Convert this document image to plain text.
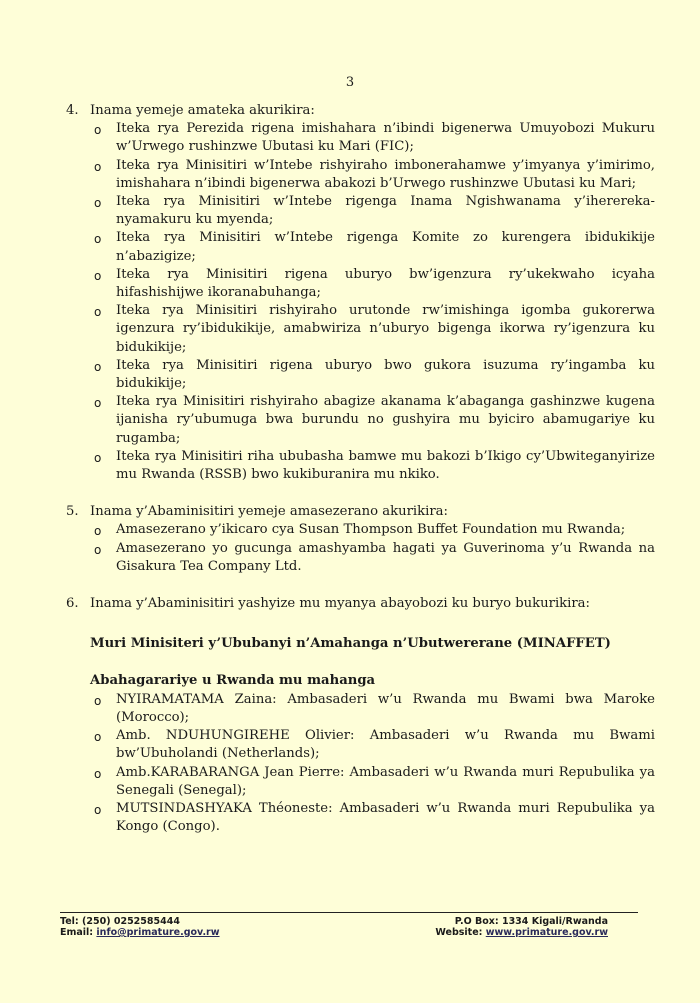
3
4. Inama yemeje amateka akurikira:
o Iteka rya Perezida rigena imishahara n’ibindi bigenerwa Umuyobozi Mukuru w’Urwego rushinzwe Ubutasi ku Mari (FIC);
o Iteka rya Minisitiri w’Intebe rishyiraho imbonerahamwe y’imyanya y’imirimo, imishahara n’ibindi bigenerwa abakozi b’Urwego rushinzwe Ubutasi ku Mari;
o Iteka rya Minisitiri w’Intebe rigenga Inama Ngishwanama y’iherereka-nyamakuru ku myenda;
o Iteka rya Minisitiri w’Intebe rigenga Komite zo kurengera ibidukikije n’abazigize;
o Iteka rya Minisitiri rigena uburyo bw’igenzura ry’ukekwaho icyaha hifashishijwe ikoranabuhanga;
o Iteka rya Minisitiri rishyiraho urutonde rw’imishinga igomba gukorerwa igenzura ry’ibidukikije, amabwiriza n’uburyo bigenga ikorwa ry’igenzura ku bidukikije;
o Iteka rya Minisitiri rigena uburyo bwo gukora isuzuma ry’ingamba ku bidukikije;
o Iteka rya Minisitiri rishyiraho abagize akanama k’abaganga gashinzwe kugena ijanisha ry’ubumuga bwa burundu no gushyira mu byiciro abamugariye ku rugamba;
o Iteka rya Minisitiri riha ububasha bamwe mu bakozi b’Ikigo cy’Ubwiteganyirize mu Rwanda (RSSB) bwo kukiburanira mu nkiko.
5. Inama y’Abaminisitiri yemeje amasezerano akurikira:
o Amasezerano y’ikicaro cya Susan Thompson Buffet Foundation mu Rwanda;
o Amasezerano yo gucunga amashyamba hagati ya Guverinoma y’u Rwanda na Gisakura Tea Company Ltd.
6. Inama y’Abaminisitiri yashyize mu myanya abayobozi ku buryo bukurikira:
Muri Minisiteri y’Ububanyi n’Amahanga n’Ubutwererane (MINAFFET)
Abahagarariye u Rwanda mu mahanga
o NYIRAMATAMA Zaina: Ambasaderi w’u Rwanda mu Bwami bwa Maroke (Morocco);
o Amb. NDUHUNGIREHE Olivier: Ambasaderi w’u Rwanda mu Bwami bw’Ubuholandi (Netherlands);
o Amb.KARABARANGA Jean Pierre: Ambasaderi w’u Rwanda muri Repubulika ya Senegali (Senegal);
o MUTSINDASHYAKA Théoneste: Ambasaderi w’u Rwanda muri Repubulika ya Kongo (Congo).
Tel: (250) 0252585444	P.O Box: 1334 Kigali/Rwanda
Email: info@primature.gov.rw	Website: www.primature.gov.rw
